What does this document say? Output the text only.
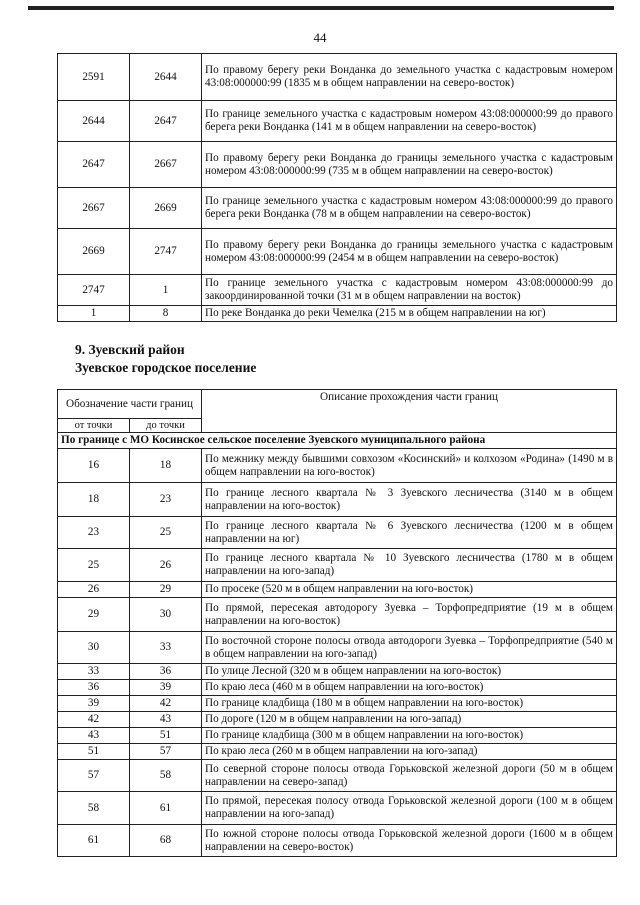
44
2591	2644	По правому берегу реки Вонданка до земельного участка с кадастровым номером 43:08:000000:99 (1835 м в общем направлении на северо-восток)
2644	2647	По границе земельного участка с кадастровым номером 43:08:000000:99 до правого берега реки Вонданка (141 м в общем направлении на северо-восток)
2647	2667	По правому берегу реки Вонданка до границы земельного участка с кадастровым номером 43:08:000000:99 (735 м в общем направлении на северо-восток)
2667	2669	По границе земельного участка с кадастровым номером 43:08:000000:99 до правого берега реки Вонданка (78 м в общем направлении на северо-восток)
2669	2747	По правому берегу реки Вонданка до границы земельного участка с кадастровым номером 43:08:000000:99 (2454 м в общем направлении на северо-восток)
2747	1	По границе земельного участка с кадастровым номером 43:08:000000:99 до закоординированной точки (31 м в общем направлении на восток)
1	8	По реке Вонданка до реки Чемелка (215 м в общем направлении на юг)
9. Зуевский район
Зуевское городское поселение
Обозначение части границ		Описание прохождения части границ
от точки	до точки	
По границе с МО Косинское сельское поселение Зуевского муниципального района		
16	18	По межнику между бывшими совхозом «Косинский» и колхозом «Родина» (1490 м в общем направлении на юго-восток)
18	23	По границе лесного квартала № 3 Зуевского лесничества (3140 м в общем направлении на юго-восток)
23	25	По границе лесного квартала № 6 Зуевского лесничества (1200 м в общем направлении на юг)
25	26	По границе лесного квартала № 10 Зуевского лесничества (1780 м в общем направлении на юго-запад)
26	29	По просеке (520 м в общем направлении на юго-восток)
29	30	По прямой, пересекая автодорогу Зуевка – Торфопредприятие (19 м в общем направлении на юго-восток)
30	33	По восточной стороне полосы отвода автодороги Зуевка – Торфопредприятие (540 м в общем направлении на юго-запад)
33	36	По улице Лесной (320 м в общем направлении на юго-восток)
36	39	По краю леса (460 м в общем направлении на юго-восток)
39	42	По границе кладбища (180 м в общем направлении на юго-восток)
42	43	По дороге (120 м в общем направлении на юго-запад)
43	51	По границе кладбища (300 м в общем направлении на юго-восток)
51	57	По краю леса (260 м в общем направлении на юго-запад)
57	58	По северной стороне полосы отвода Горьковской железной дороги (50 м в общем направлении на северо-запад)
58	61	По прямой, пересекая полосу отвода Горьковской железной дороги (100 м в общем направлении на юго-запад)
61	68	По южной стороне полосы отвода Горьковской железной дороги (1600 м в общем направлении на северо-восток)
